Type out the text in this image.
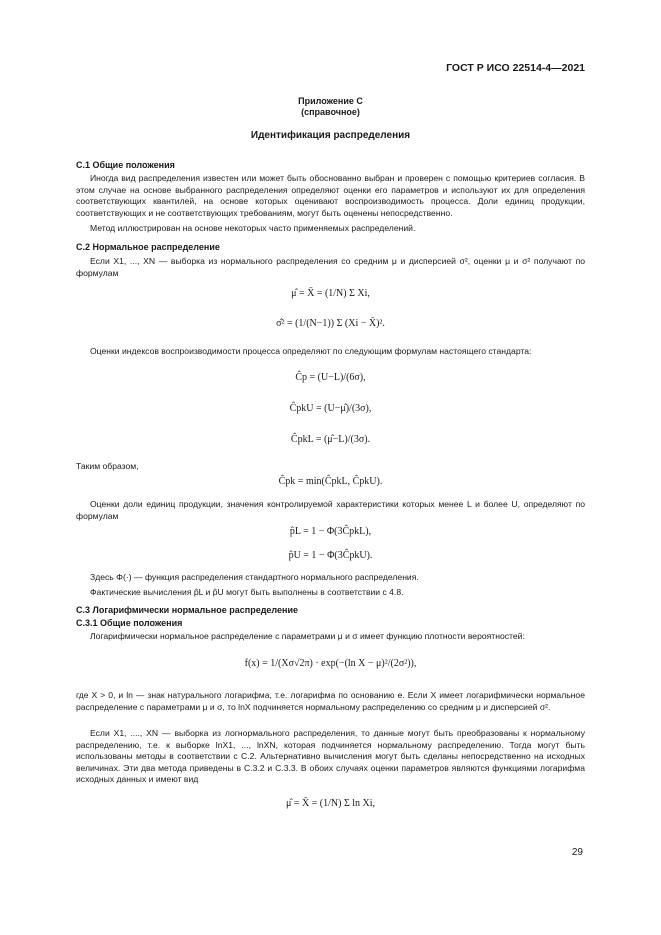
ГОСТ Р ИСО 22514-4—2021
Приложение С
(справочное)
Идентификация распределения
С.1 Общие положения
Иногда вид распределения известен или может быть обоснованно выбран и проверен с помощью критериев согласия. В этом случае на основе выбранного распределения определяют оценки его параметров и используют их для определения соответствующих квантилей, на основе которых оценивают воспроизводимость процесса. Доли единиц продукции, соответствующих и не соответствующих требованиям, могут быть оценены непосредственно.
Метод иллюстрирован на основе некоторых часто применяемых распределений.
С.2 Нормальное распределение
Если X1, ..., XN — выборка из нормального распределения со средним μ и дисперсией σ², оценки μ и σ² получают по формулам
μ̂ = X̄ = (1/N) Σ Xi,
σ̂² = (1/(N−1)) Σ (Xi − X̄)².
Оценки индексов воспроизводимости процесса определяют по следующим формулам настоящего стандарта:
Ĉp = (U−L)/(6σ),
ĈpkU = (U−μ̂)/(3σ),
ĈpkL = (μ̂−L)/(3σ).
Таким образом,
Ĉpk = min(ĈpkL, ĈpkU).
Оценки доли единиц продукции, значения контролируемой характеристики которых менее L и более U, определяют по формулам
p̂L = 1 − Φ(3ĈpkL),
p̂U = 1 − Φ(3ĈpkU).
Здесь Φ(·) — функция распределения стандартного нормального распределения.
Фактические вычисления p̂L и p̂U могут быть выполнены в соответствии с 4.8.
С.3 Логарифмически нормальное распределение
С.3.1 Общие положения
Логарифмически нормальное распределение с параметрами μ и σ имеет функцию плотности вероятностей:
f(x) = 1/(Xσ√2π) · exp(−(ln X − μ)²/(2σ²)),
где X > 0, и ln — знак натурального логарифма, т.е. логарифма по основанию e. Если X имеет логарифмически нормальное распределение с параметрами μ и σ, то lnX подчиняется нормальному распределению со средним μ и дисперсией σ².
Если X1, ...., XN — выборка из логнормального распределения, то данные могут быть преобразованы к нормальному распределению, т.е. к выборке lnX1, ..., lnXN, которая подчиняется нормальному распределению. Тогда могут быть использованы методы в соответствии с С.2. Альтернативно вычисления могут быть сделаны непосредственно на исходных величинах. Эти два метода приведены в С.3.2 и С.3.3. В обоих случаях оценки параметров являются функциями логарифма исходных данных и имеют вид
μ̂ = X̄ = (1/N) Σ ln Xi,
29
